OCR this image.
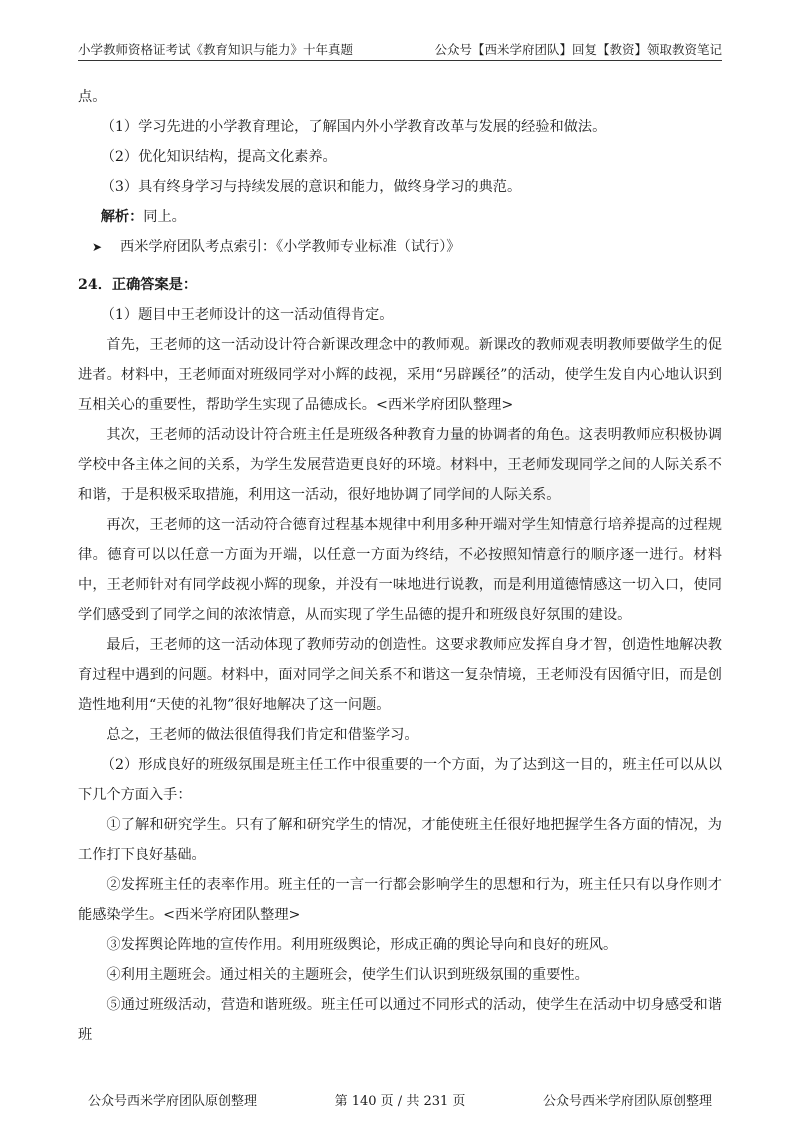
小学教师资格证考试《教育知识与能力》十年真题	公众号【西米学府团队】回复【教资】领取教资笔记

点。

（1）学习先进的小学教育理论，了解国内外小学教育改革与发展的经验和做法。

（2）优化知识结构，提高文化素养。

（3）具有终身学习与持续发展的意识和能力，做终身学习的典范。

解析：同上。

➤ 西米学府团队考点索引：《小学教师专业标准（试行）》

24．正确答案是：

（1）题目中王老师设计的这一活动值得肯定。

首先，王老师的这一活动设计符合新课改理念中的教师观。新课改的教师观表明教师要做学生的促进者。材料中，王老师面对班级同学对小辉的歧视，采用“另辟蹊径”的活动，使学生发自内心地认识到互相关心的重要性，帮助学生实现了品德成长。<西米学府团队整理>

其次，王老师的活动设计符合班主任是班级各种教育力量的协调者的角色。这表明教师应积极协调学校中各主体之间的关系，为学生发展营造更良好的环境。材料中，王老师发现同学之间的人际关系不和谐，于是积极采取措施，利用这一活动，很好地协调了同学间的人际关系。

再次，王老师的这一活动符合德育过程基本规律中利用多种开端对学生知情意行培养提高的过程规律。德育可以以任意一方面为开端，以任意一方面为终结，不必按照知情意行的顺序逐一进行。材料中，王老师针对有同学歧视小辉的现象，并没有一味地进行说教，而是利用道德情感这一切入口，使同学们感受到了同学之间的浓浓情意，从而实现了学生品德的提升和班级良好氛围的建设。

最后，王老师的这一活动体现了教师劳动的创造性。这要求教师应发挥自身才智，创造性地解决教育过程中遇到的问题。材料中，面对同学之间关系不和谐这一复杂情境，王老师没有因循守旧，而是创造性地利用“天使的礼物”很好地解决了这一问题。

总之，王老师的做法很值得我们肯定和借鉴学习。

（2）形成良好的班级氛围是班主任工作中很重要的一个方面，为了达到这一目的，班主任可以从以下几个方面入手：

①了解和研究学生。只有了解和研究学生的情况，才能使班主任很好地把握学生各方面的情况，为工作打下良好基础。

②发挥班主任的表率作用。班主任的一言一行都会影响学生的思想和行为，班主任只有以身作则才能感染学生。<西米学府团队整理>

③发挥舆论阵地的宣传作用。利用班级舆论，形成正确的舆论导向和良好的班风。

④利用主题班会。通过相关的主题班会，使学生们认识到班级氛围的重要性。

⑤通过班级活动，营造和谐班级。班主任可以通过不同形式的活动，使学生在活动中切身感受和谐班

公众号西米学府团队原创整理	第 140 页 / 共 231 页	公众号西米学府团队原创整理
